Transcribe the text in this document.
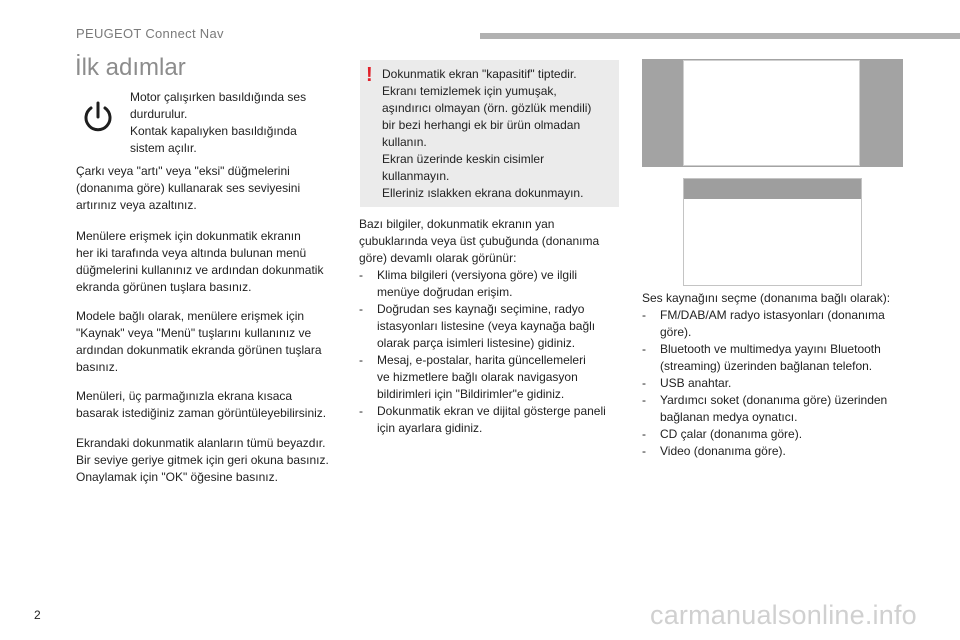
PEUGEOT Connect Nav
İlk adımlar
Motor çalışırken basıldığında ses
durdurulur.
Kontak kapalıyken basıldığında
sistem açılır.
Çarkı veya "artı" veya "eksi" düğmelerini
(donanıma göre) kullanarak ses seviyesini
artırınız veya azaltınız.
Menülere erişmek için dokunmatik ekranın
her iki tarafında veya altında bulunan menü
düğmelerini kullanınız ve ardından dokunmatik
ekranda görünen tuşlara basınız.
Modele bağlı olarak, menülere erişmek için
"Kaynak" veya "Menü" tuşlarını kullanınız ve
ardından dokunmatik ekranda görünen tuşlara
basınız.
Menüleri, üç parmağınızla ekrana kısaca
basarak istediğiniz zaman görüntüleyebilirsiniz.
Ekrandaki dokunmatik alanların tümü beyazdır.
Bir seviye geriye gitmek için geri okuna basınız.
Onaylamak için "OK" öğesine basınız.
! Dokunmatik ekran "kapasitif" tiptedir.
Ekranı temizlemek için yumuşak,
aşındırıcı olmayan (örn. gözlük mendili)
bir bezi herhangi ek bir ürün olmadan
kullanın.
Ekran üzerinde keskin cisimler
kullanmayın.
Elleriniz ıslakken ekrana dokunmayın.
Bazı bilgiler, dokunmatik ekranın yan
çubuklarında veya üst çubuğunda (donanıma
göre) devamlı olarak görünür:
- Klima bilgileri (versiyona göre) ve ilgili
menüye doğrudan erişim.
- Doğrudan ses kaynağı seçimine, radyo
istasyonları listesine (veya kaynağa bağlı
olarak parça isimleri listesine) gidiniz.
- Mesaj, e-postalar, harita güncellemeleri
ve hizmetlere bağlı olarak navigasyon
bildirimleri için "Bildirimler"e gidiniz.
- Dokunmatik ekran ve dijital gösterge paneli
için ayarlara gidiniz.
Ses kaynağını seçme (donanıma bağlı olarak):
- FM/DAB/AM radyo istasyonları (donanıma
göre).
- Bluetooth ve multimedya yayını Bluetooth
(streaming) üzerinden bağlanan telefon.
- USB anahtar.
- Yardımcı soket (donanıma göre) üzerinden
bağlanan medya oynatıcı.
- CD çalar (donanıma göre).
- Video (donanıma göre).
2	carmanualsonline.info
